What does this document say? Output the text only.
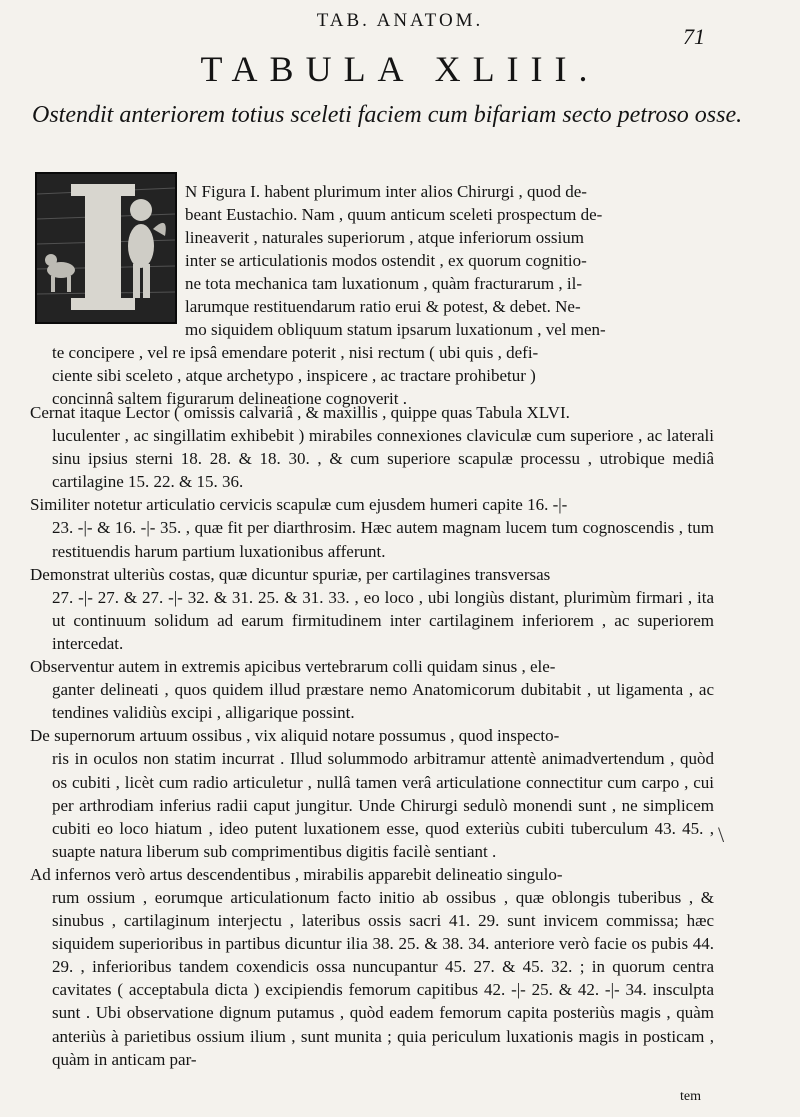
TAB. ANATOM.
71
TABULA XLIII.
Ostendit anteriorem totius sceleti faciem cum bifariam secto petroso osse.
N Figura I. habent plurimum inter alios Chirurgi , quod de-
beant Eustachio. Nam , quum anticum sceleti prospectum de-
lineaverit , naturales superiorum , atque inferiorum ossium
inter se articulationis modos ostendit , ex quorum cognitio-
ne tota mechanica tam luxationum , quàm fracturarum , il-
larumque restituendarum ratio erui & potest, & debet. Ne-
mo siquidem obliquum statum ipsarum luxationum , vel men-
te concipere , vel re ipsâ emendare poterit , nisi rectum ( ubi quis , defi-
ciente sibi sceleto , atque archetypo , inspicere , ac tractare prohibetur )
concinnâ saltem figurarum delineatione cognoverit .

Cernat itaque Lector ( omissis calvariâ , & maxillis , quippe quas Tabula XLVI.
luculenter , ac singillatim exhibebit ) mirabiles connexiones claviculæ cum superiore , ac laterali sinu ipsius sterni 18. 28. & 18. 30. , & cum superiore scapulæ processu , utrobique mediâ cartilagine 15. 22. & 15. 36.

Similiter notetur articulatio cervicis scapulæ cum ejusdem humeri capite 16. -|-
23. -|- & 16. -|- 35. , quæ fit per diarthrosim. Hæc autem magnam lucem tum cognoscendis , tum restituendis harum partium luxationibus afferunt.

Demonstrat ulteriùs costas, quæ dicuntur spuriæ, per cartilagines transversas
27. -|- 27. & 27. -|- 32. & 31. 25. & 31. 33. , eo loco , ubi longiùs distant, plurimùm firmari , ita ut continuum solidum ad earum firmitudinem inter cartilaginem inferiorem , ac superiorem intercedat.

Observentur autem in extremis apicibus vertebrarum colli quidam sinus , ele-
ganter delineati , quos quidem illud præstare nemo Anatomicorum dubitabit , ut ligamenta , ac tendines validiùs excipi , alligarique possint.

De supernorum artuum ossibus , vix aliquid notare possumus , quod inspecto-
ris in oculos non statim incurrat . Illud solummodo arbitramur attentè animadvertendum , quòd os cubiti , licèt cum radio articuletur , nullâ tamen verâ articulatione connectitur cum carpo , cui per arthrodiam inferius radii caput jungitur. Unde Chirurgi sedulò monendi sunt , ne simplicem cubiti eo loco hiatum , ideo putent luxationem esse, quod exteriùs cubiti tuberculum 43. 45. , suapte natura liberum sub comprimentibus digitis facilè sentiant .

Ad infernos verò artus descendentibus , mirabilis apparebit delineatio singulo-
rum ossium , eorumque articulationum facto initio ab ossibus , quæ oblongis tuberibus , & sinubus , cartilaginum interjectu , lateribus ossis sacri 41. 29. sunt invicem commissa; hæc siquidem superioribus in partibus dicuntur ilia 38. 25. & 38. 34. anteriore verò facie os pubis 44. 29. , inferioribus tandem coxendicis ossa nuncupantur 45. 27. & 45. 32. ; in quorum centra cavitates ( acceptabula dicta ) excipiendis femorum capitibus 42. -|- 25. & 42. -|- 34. insculpta sunt . Ubi observatione dignum putamus , quòd eadem femorum capita posteriùs magis , quàm anteriùs à parietibus ossium ilium , sunt munita ; quia periculum luxationis magis in posticam , quàm in anticam par-

\
tem
